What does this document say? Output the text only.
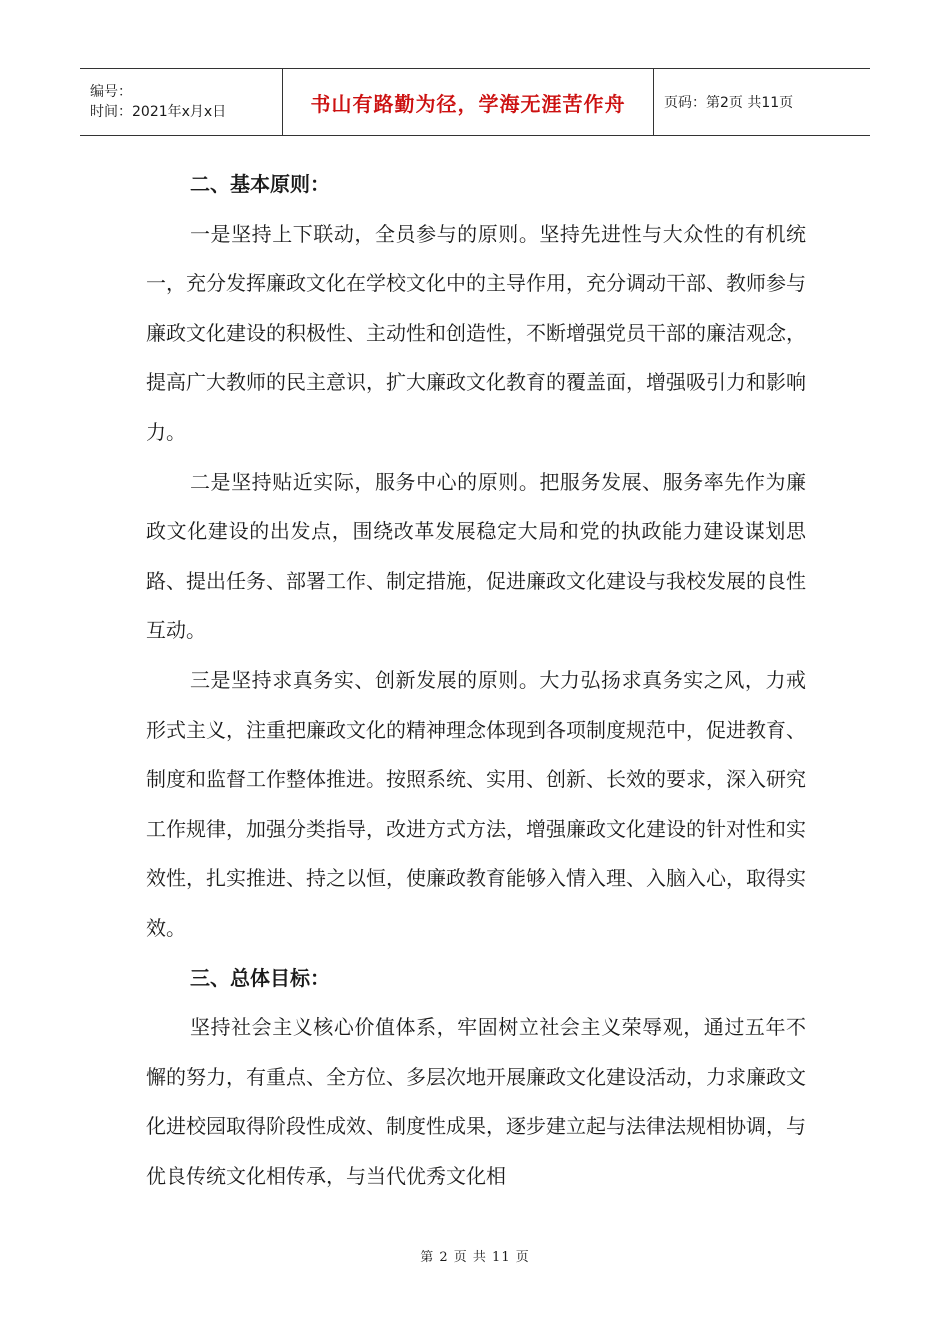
编号：
时间：2021年x月x日	书山有路勤为径，学海无涯苦作舟	页码：第2页 共11页

二、基本原则：

一是坚持上下联动，全员参与的原则。坚持先进性与大众性的有机统一，充分发挥廉政文化在学校文化中的主导作用，充分调动干部、教师参与廉政文化建设的积极性、主动性和创造性，不断增强党员干部的廉洁观念，提高广大教师的民主意识，扩大廉政文化教育的覆盖面，增强吸引力和影响力。

二是坚持贴近实际，服务中心的原则。把服务发展、服务率先作为廉政文化建设的出发点，围绕改革发展稳定大局和党的执政能力建设谋划思路、提出任务、部署工作、制定措施，促进廉政文化建设与我校发展的良性互动。

三是坚持求真务实、创新发展的原则。大力弘扬求真务实之风，力戒形式主义，注重把廉政文化的精神理念体现到各项制度规范中，促进教育、制度和监督工作整体推进。按照系统、实用、创新、长效的要求，深入研究工作规律，加强分类指导，改进方式方法，增强廉政文化建设的针对性和实效性，扎实推进、持之以恒，使廉政教育能够入情入理、入脑入心，取得实效。

三、总体目标：

坚持社会主义核心价值体系，牢固树立社会主义荣辱观，通过五年不懈的努力，有重点、全方位、多层次地开展廉政文化建设活动，力求廉政文化进校园取得阶段性成效、制度性成果，逐步建立起与法律法规相协调，与优良传统文化相传承，与当代优秀文化相

第 2 页 共 11 页
